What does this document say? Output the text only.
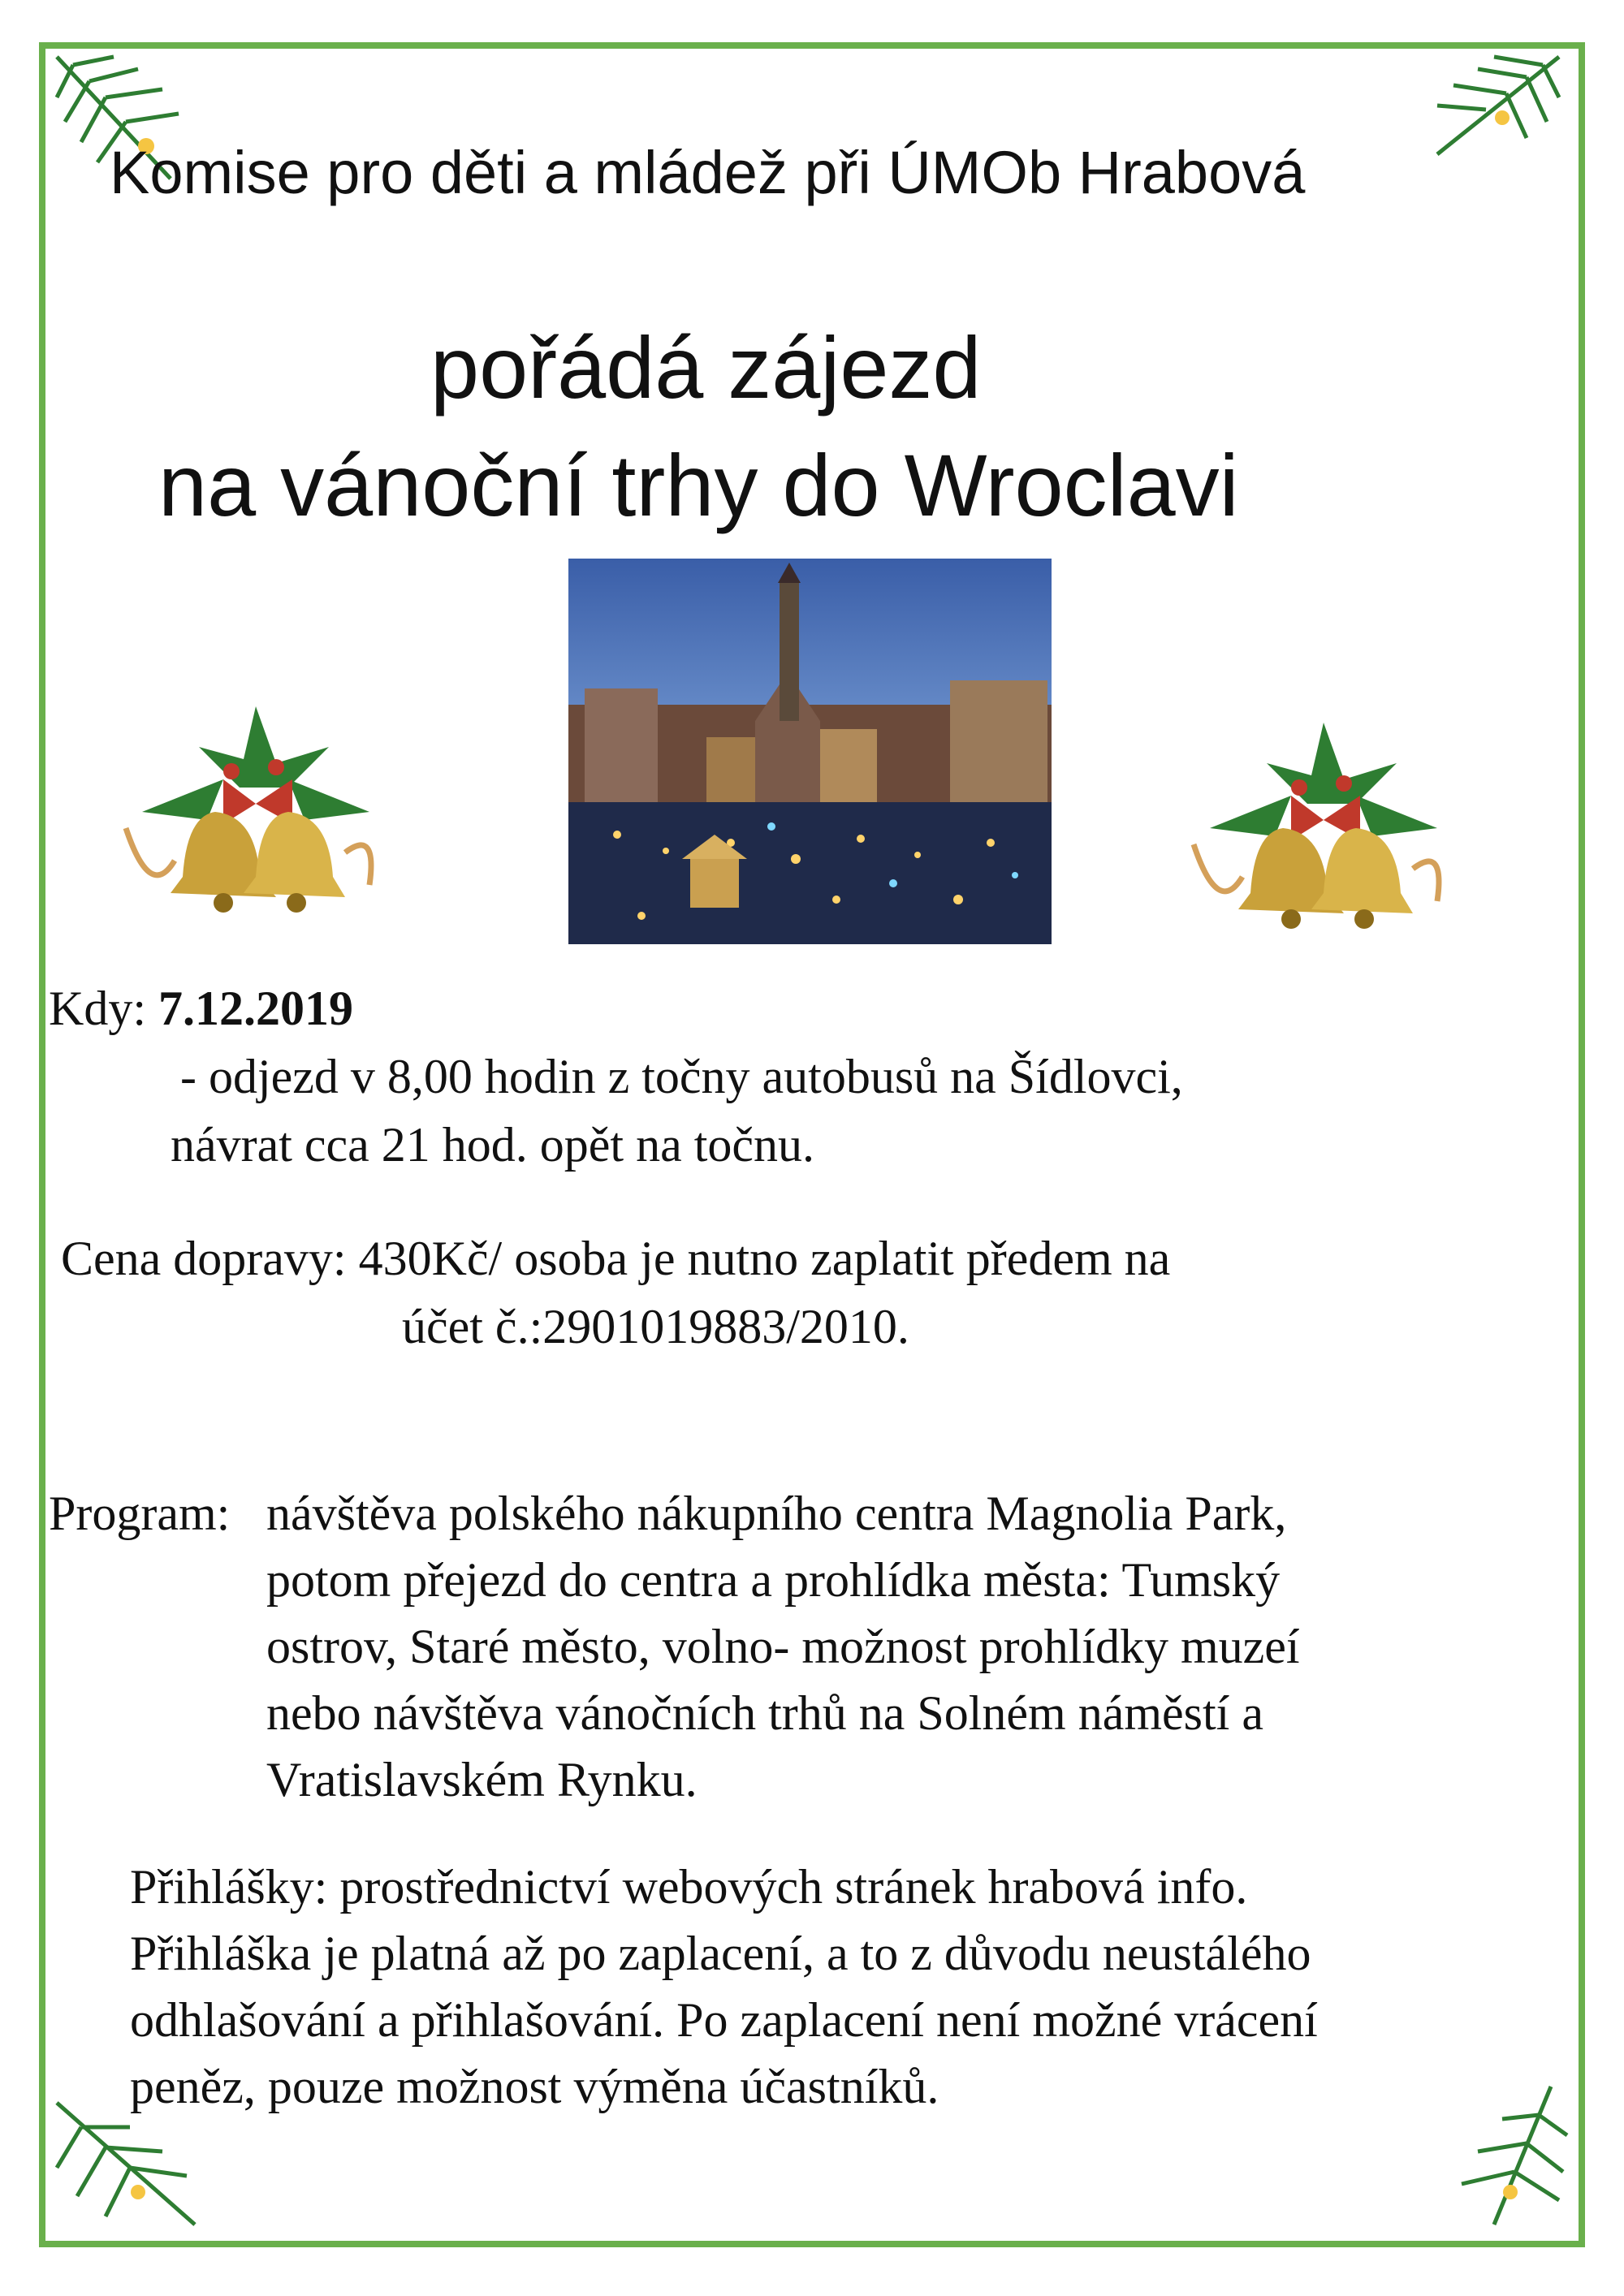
Komise pro děti a mládež při ÚMOb Hrabová

pořádá zájezd

na vánoční trhy do Wroclavi

Kdy: 7.12.2019
- odjezd v 8,00 hodin z točny autobusů na Šídlovci,
návrat cca 21 hod. opět na točnu.
Cena dopravy: 430Kč/ osoba je nutno zaplatit předem na
účet č.:2901019883/2010.
Program: návštěva polského nákupního centra Magnolia Park,
potom přejezd do centra a prohlídka města: Tumský
ostrov, Staré město, volno- možnost prohlídky muzeí
nebo návštěva vánočních trhů na Solném náměstí a
Vratislavském Rynku.
Přihlášky: prostřednictví webových stránek hrabová info.
Přihláška je platná až po zaplacení, a to z důvodu neustálého
odhlašování a přihlašování. Po zaplacení není možné vrácení
peněz, pouze možnost výměna účastníků.
